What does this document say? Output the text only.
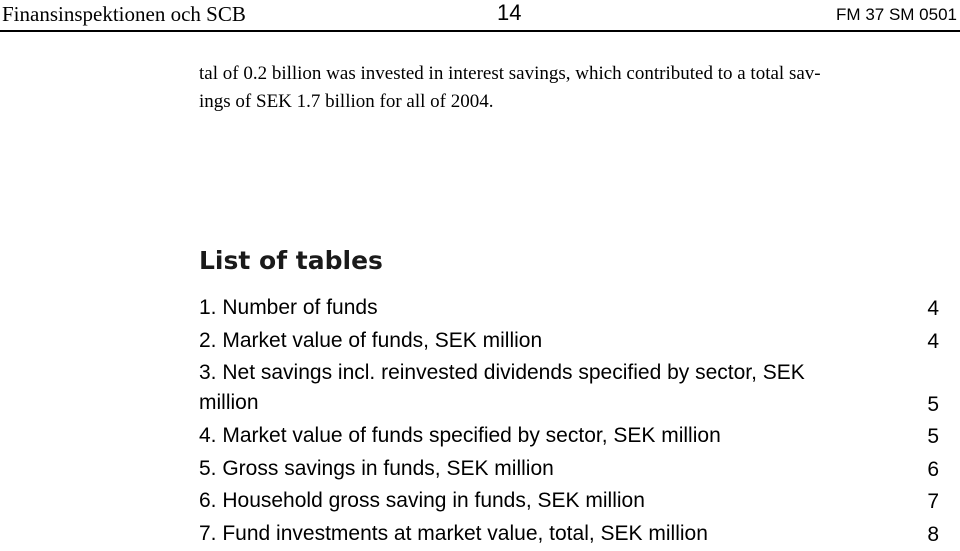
Finansinspektionen och SCB	14	FM 37 SM 0501
tal of 0.2 billion was invested in interest savings, which contributed to a total sav-
ings of SEK 1.7 billion for all of 2004.
List of tables
1. Number of funds	4
2. Market value of funds, SEK million	4
3. Net savings incl. reinvested dividends specified by sector, SEK
million	5
4. Market value of funds specified by sector, SEK million	5
5. Gross savings in funds, SEK million	6
6. Household gross saving in funds, SEK million	7
7. Fund investments at market value, total, SEK million	8
